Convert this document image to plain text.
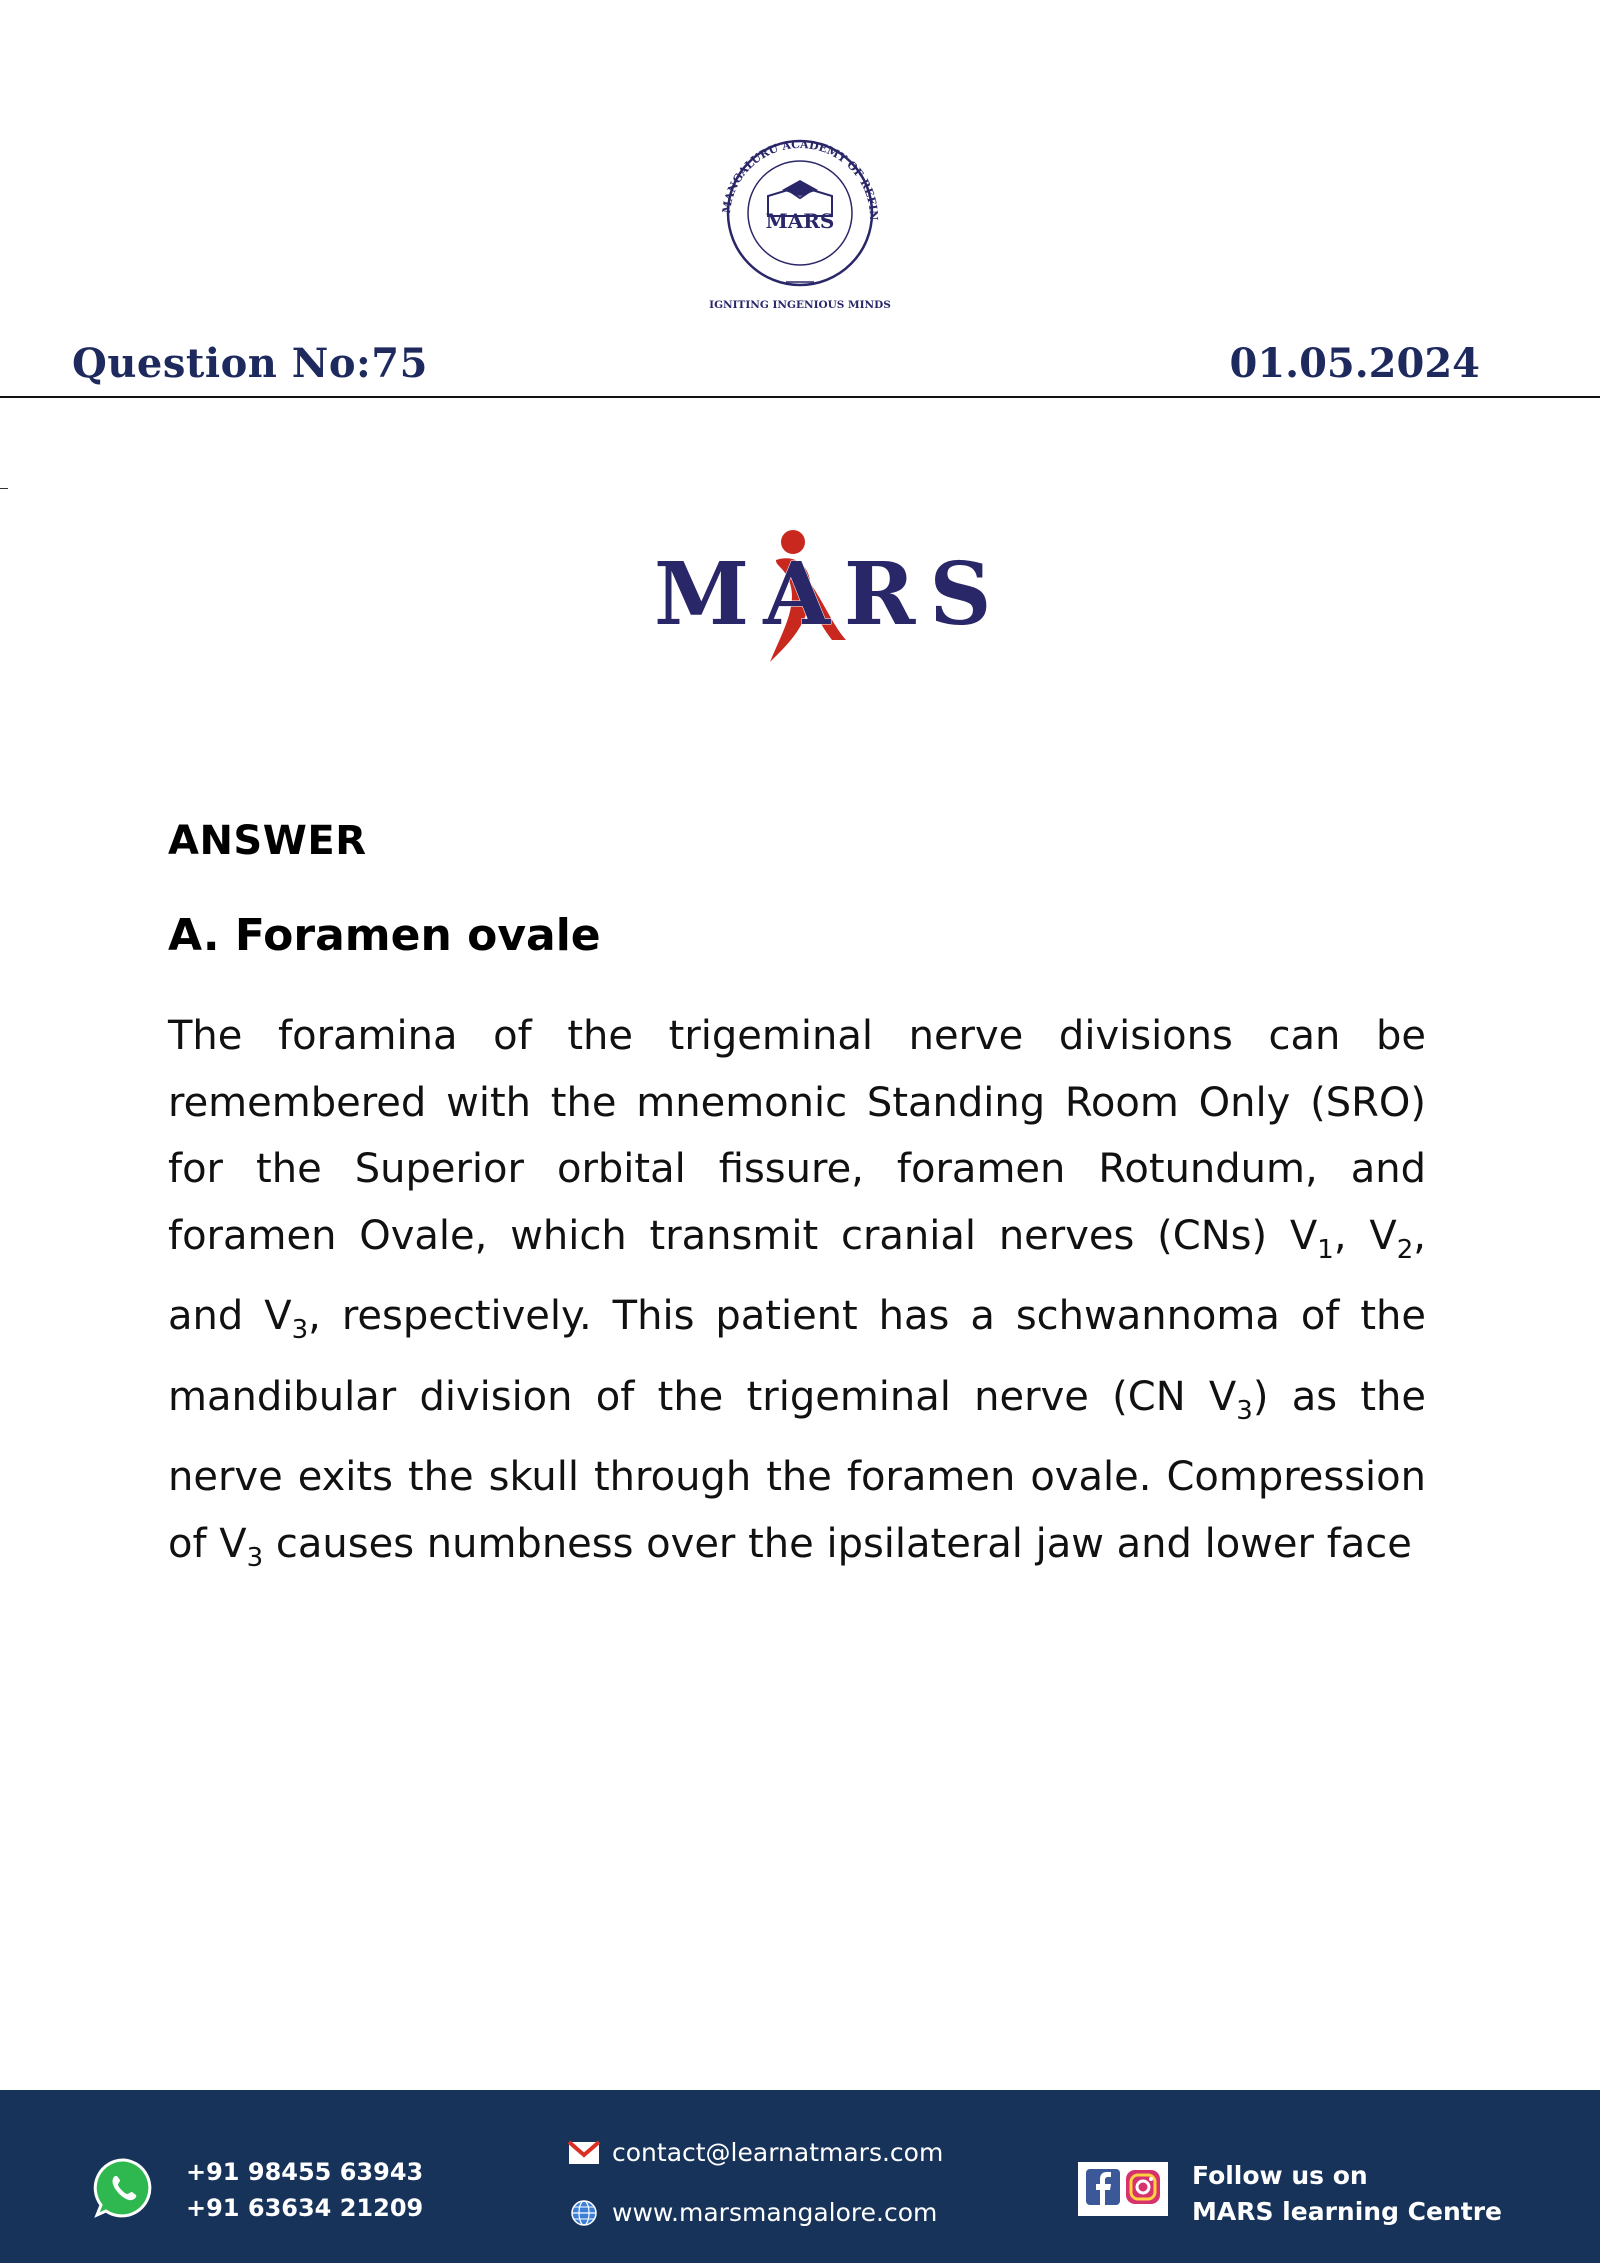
MANGALURU ACADEMY OF REFIN
MARS
IGNITING INGENIOUS MINDS
Question No:75	01.05.2024
MARS
ANSWER
A. Foramen ovale

The foramina of the trigeminal nerve divisions can be remembered with the mnemonic Standing Room Only (SRO) for the Superior orbital fissure, foramen Rotundum, and foramen Ovale, which transmit cranial nerves (CNs) $V_1$, $V_2$, and $V_3$, respectively. This patient has a schwannoma of the mandibular division of the trigeminal nerve (CN $V_3$) as the nerve exits the skull through the foramen ovale. Compression of $V_3$ causes numbness over the ipsilateral jaw and lower face

+91 98455 63943
+91 63634 21209
contact@learnatmars.com
www.marsmangalore.com
Follow us on
MARS learning Centre
